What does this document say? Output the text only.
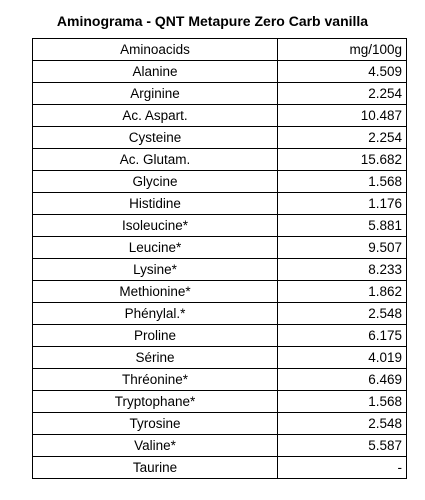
Aminograma - QNT Metapure Zero Carb vanilla
Aminoacids	mg/100g
Alanine	4.509
Arginine	2.254
Ac. Aspart.	10.487
Cysteine	2.254
Ac. Glutam.	15.682
Glycine	1.568
Histidine	1.176
Isoleucine*	5.881
Leucine*	9.507
Lysine*	8.233
Methionine*	1.862
Phénylal.*	2.548
Proline	6.175
Sérine	4.019
Thréonine*	6.469
Tryptophane*	1.568
Tyrosine	2.548
Valine*	5.587
Taurine	-
